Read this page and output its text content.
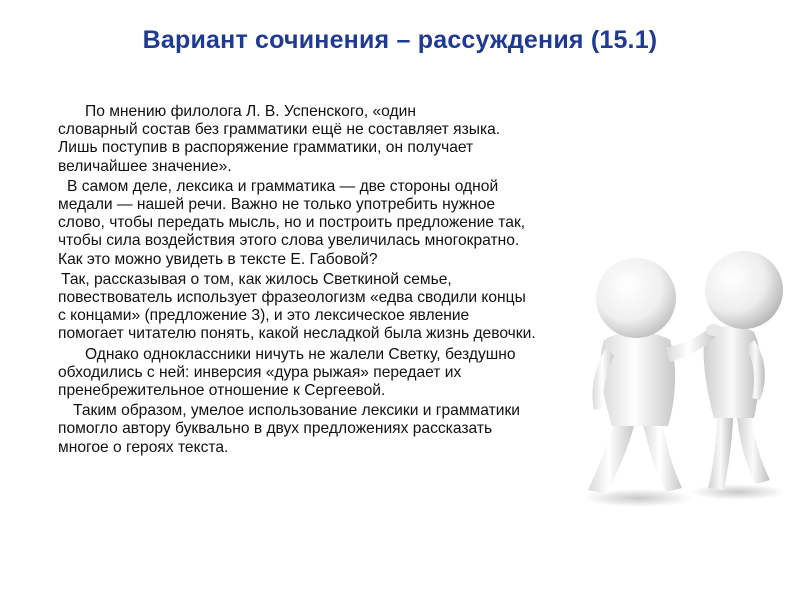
Вариант сочинения – рассуждения (15.1)

По мнению филолога Л. В. Успенского, «один
словарный состав без грамматики ещё не составляет языка. Лишь поступив в распоряжение грамматики, он получает величайшее значение».

В самом деле, лексика и грамматика — две стороны одной медали — нашей речи. Важно не только употребить нужное слово, чтобы передать мысль, но и построить предложение так, чтобы сила воздействия этого слова увеличилась многократно. Как это можно увидеть в тексте Е. Габовой?

Так, рассказывая о том, как жилось Светкиной семье, повествователь использует фразеологизм «едва сводили концы с концами» (предложение 3), и это лексическое явление помогает читателю понять, какой несладкой была жизнь девочки.

Однако одноклассники ничуть не жалели Светку, бездушно обходились с ней: инверсия «дура рыжая» передает их пренебрежительное отношение к Сергеевой.

Таким образом, умелое использование лексики и грамматики помогло автору буквально в двух предложениях рассказать многое о героях текста.
